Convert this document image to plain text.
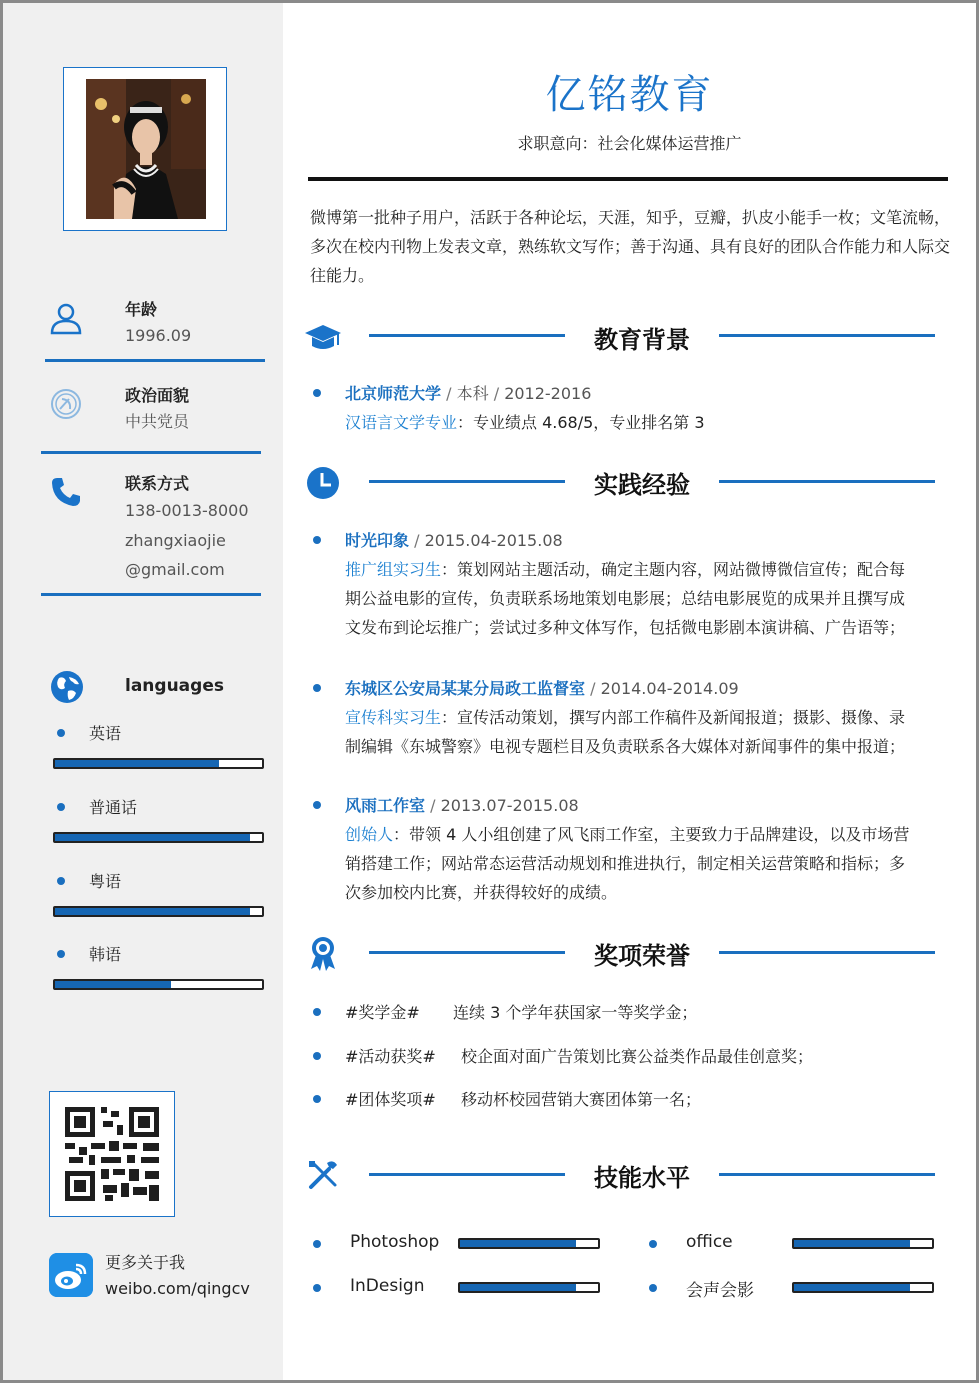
年龄
1996.09
政治面貌
中共党员
联系方式
138-0013-8000
zhangxiaojie
@gmail.com
languages
英语
普通话
粤语
韩语
更多关于我
weibo.com/qingcv
亿铭教育
求职意向：社会化媒体运营推广
微博第一批种子用户，活跃于各种论坛，天涯，知乎，豆瓣，扒皮小能手一枚；文笔流畅，多次在校内刊物上发表文章，熟练软文写作；善于沟通、具有良好的团队合作能力和人际交往能力。
教育背景
北京师范大学 / 本科 / 2012-2016
汉语言文学专业：专业绩点 4.68/5，专业排名第 3
实践经验
时光印象 / 2015.04-2015.08
推广组实习生：策划网站主题活动，确定主题内容，网站微博微信宣传；配合每
期公益电影的宣传，负责联系场地策划电影展；总结电影展览的成果并且撰写成
文发布到论坛推广；尝试过多种文体写作，包括微电影剧本演讲稿、广告语等；
东城区公安局某某分局政工监督室 / 2014.04-2014.09
宣传科实习生：宣传活动策划，撰写内部工作稿件及新闻报道；摄影、摄像、录
制编辑《东城警察》电视专题栏目及负责联系各大媒体对新闻事件的集中报道；
风雨工作室 / 2013.07-2015.08
创始人：带领 4 人小组创建了风飞雨工作室，主要致力于品牌建设，以及市场营
销搭建工作；网站常态运营活动规划和推进执行，制定相关运营策略和指标；多
次参加校内比赛，并获得较好的成绩。
奖项荣誉
#奖学金# 连续 3 个学年获国家一等奖学金；
#活动获奖# 校企面对面广告策划比赛公益类作品最佳创意奖；
#团体奖项# 移动杯校园营销大赛团体第一名；
技能水平
Photoshop	office
InDesign	会声会影
